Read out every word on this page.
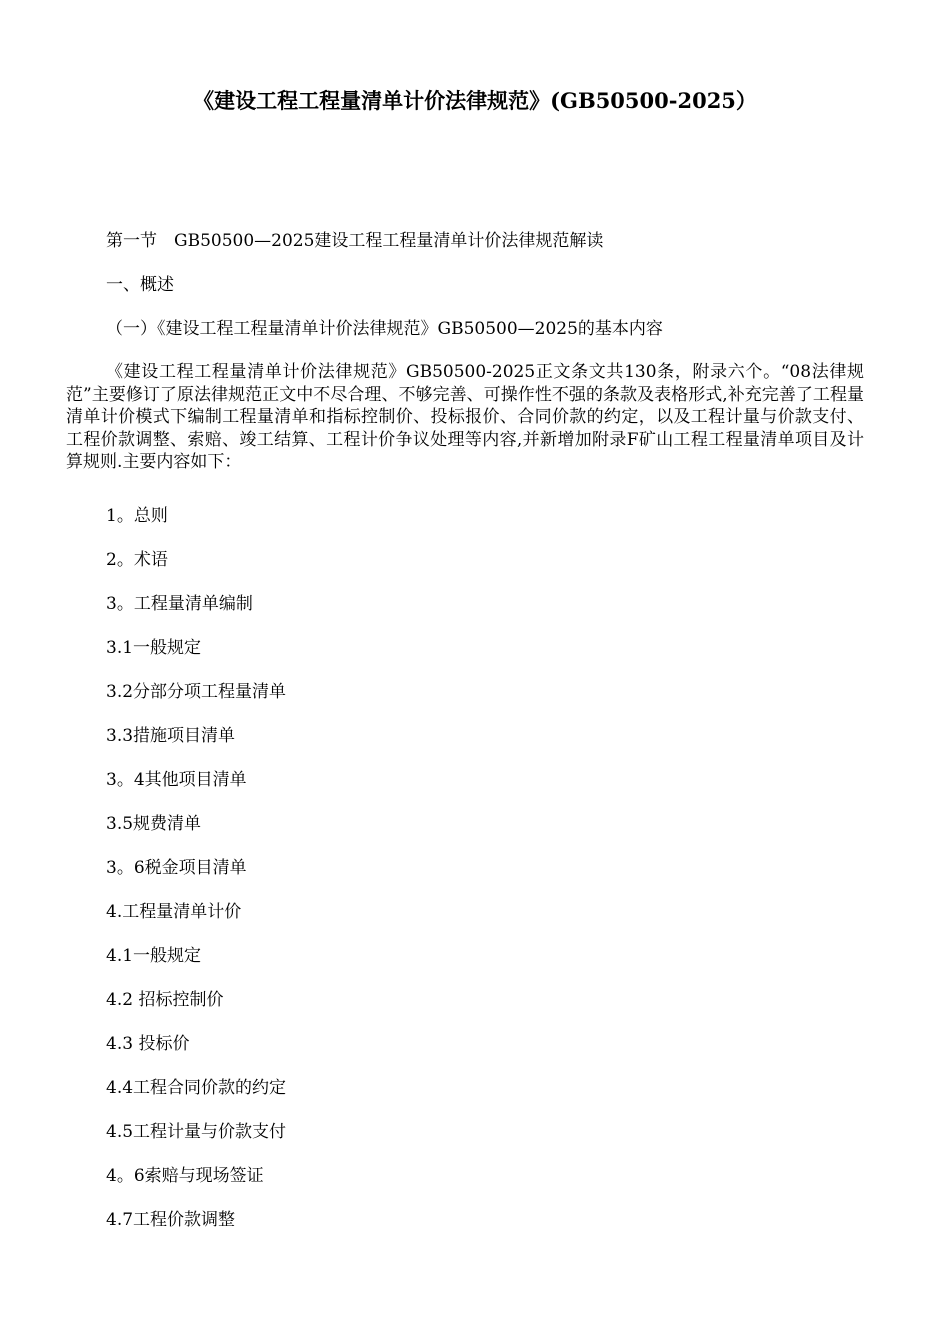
《建设工程工程量清单计价法律规范》(GB50500-2025）
第一节　GB50500—2025建设工程工程量清单计价法律规范解读
一、概述
（一）《建设工程工程量清单计价法律规范》GB50500—2025的基本内容

《建设工程工程量清单计价法律规范》GB50500-2025正文条文共130条，附录六个。“08法律规范”主要修订了原法律规范正文中不尽合理、不够完善、可操作性不强的条款及表格形式,补充完善了工程量清单计价模式下编制工程量清单和指标控制价、投标报价、合同价款的约定，以及工程计量与价款支付、工程价款调整、索赔、竣工结算、工程计价争议处理等内容,并新增加附录F矿山工程工程量清单项目及计算规则.主要内容如下：

1。总则
2。术语
3。工程量清单编制
3.1一般规定
3.2分部分项工程量清单
3.3措施项目清单
3。4其他项目清单
3.5规费清单
3。6税金项目清单
4.工程量清单计价
4.1一般规定
4.2 招标控制价
4.3 投标价
4.4工程合同价款的约定
4.5工程计量与价款支付
4。6索赔与现场签证
4.7工程价款调整
